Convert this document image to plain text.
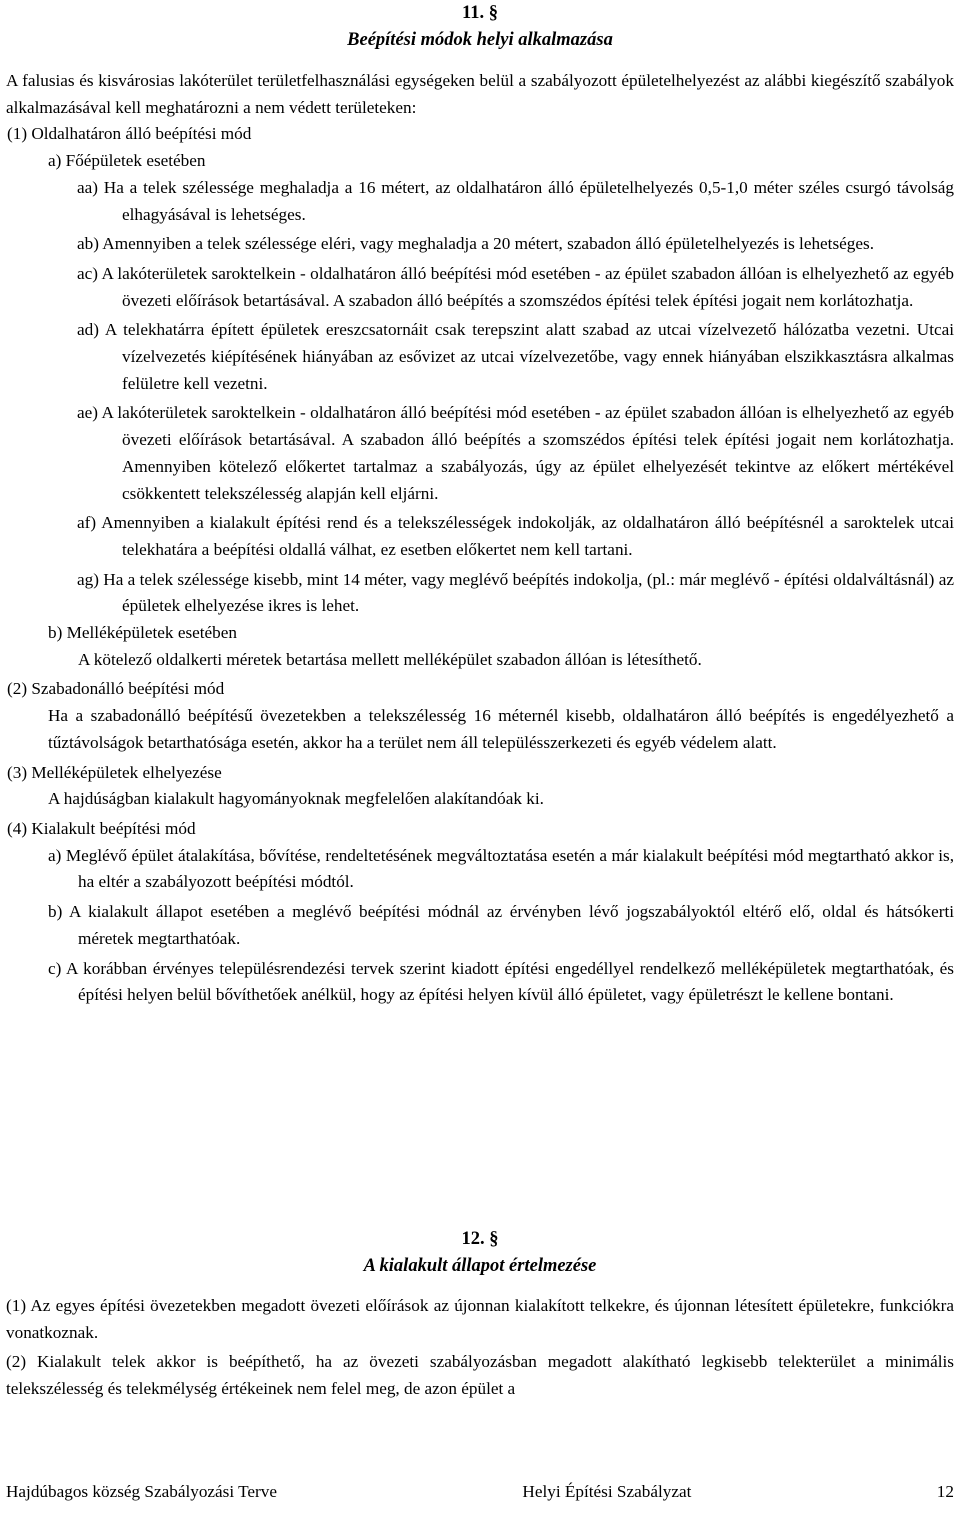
11. §

Beépítési módok helyi alkalmazása

A falusias és kisvárosias lakóterület területfelhasználási egységeken belül a szabályozott épületelhelyezést az alábbi kiegészítő szabályok alkalmazásával kell meghatározni a nem védett területeken:

(1) Oldalhatáron álló beépítési mód

a) Főépületek esetében

aa) Ha a telek szélessége meghaladja a 16 métert, az oldalhatáron álló épületelhelyezés 0,5-1,0 méter széles csurgó távolság elhagyásával is lehetséges.

ab) Amennyiben a telek szélessége eléri, vagy meghaladja a 20 métert, szabadon álló épületelhelyezés is lehetséges.

ac) A lakóterületek saroktelkein - oldalhatáron álló beépítési mód esetében - az épület szabadon állóan is elhelyezhető az egyéb övezeti előírások betartásával. A szabadon álló beépítés a szomszédos építési telek építési jogait nem korlátozhatja.

ad) A telekhatárra épített épületek ereszcsatornáit csak terepszint alatt szabad az utcai vízelvezető hálózatba vezetni. Utcai vízelvezetés kiépítésének hiányában az esővizet az utcai vízelvezetőbe, vagy ennek hiányában elszikkasztásra alkalmas felületre kell vezetni.

ae) A lakóterületek saroktelkein - oldalhatáron álló beépítési mód esetében - az épület szabadon állóan is elhelyezhető az egyéb övezeti előírások betartásával. A szabadon álló beépítés a szomszédos építési telek építési jogait nem korlátozhatja. Amennyiben kötelező előkertet tartalmaz a szabályozás, úgy az épület elhelyezését tekintve az előkert mértékével csökkentett telekszélesség alapján kell eljárni.

af) Amennyiben a kialakult építési rend és a telekszélességek indokolják, az oldalhatáron álló beépítésnél a saroktelek utcai telekhatára a beépítési oldallá válhat, ez esetben előkertet nem kell tartani.

ag) Ha a telek szélessége kisebb, mint 14 méter, vagy meglévő beépítés indokolja, (pl.: már meglévő - építési oldalváltásnál) az épületek elhelyezése ikres is lehet.

b) Melléképületek esetében

A kötelező oldalkerti méretek betartása mellett melléképület szabadon állóan is létesíthető.

(2) Szabadonálló beépítési mód

Ha a szabadonálló beépítésű övezetekben a telekszélesség 16 méternél kisebb, oldalhatáron álló beépítés is engedélyezhető a tűztávolságok betarthatósága esetén, akkor ha a terület nem áll településszerkezeti és egyéb védelem alatt.

(3) Melléképületek elhelyezése

A hajdúságban kialakult hagyományoknak megfelelően alakítandóak ki.

(4) Kialakult beépítési mód

a) Meglévő épület átalakítása, bővítése, rendeltetésének megváltoztatása esetén a már kialakult beépítési mód megtartható akkor is, ha eltér a szabályozott beépítési módtól.

b) A kialakult állapot esetében a meglévő beépítési módnál az érvényben lévő jogszabályoktól eltérő elő, oldal és hátsókerti méretek megtarthatóak.

c) A korábban érvényes településrendezési tervek szerint kiadott építési engedéllyel rendelkező melléképületek megtarthatóak, és építési helyen belül bővíthetőek anélkül, hogy az építési helyen kívül álló épületet, vagy épületrészt le kellene bontani.

12. §

A kialakult állapot értelmezése

(1) Az egyes építési övezetekben megadott övezeti előírások az újonnan kialakított telkekre, és újonnan létesített épületekre, funkciókra vonatkoznak.

(2) Kialakult telek akkor is beépíthető, ha az övezeti szabályozásban megadott alakítható legkisebb telekterület a minimális telekszélesség és telekmélység értékeinek nem felel meg, de azon épület a

Hajdúbagos község Szabályozási Terve	Helyi Építési Szabályzat	12
